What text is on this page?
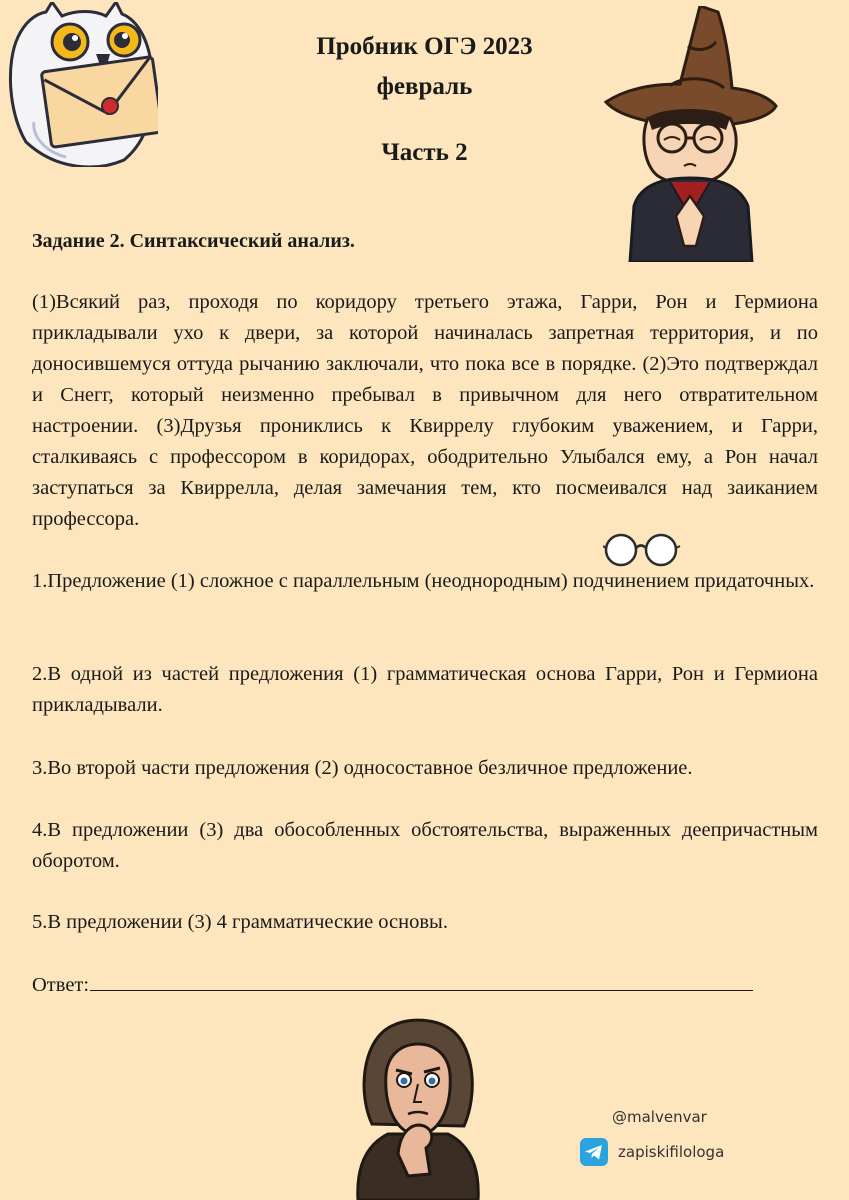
Пробник ОГЭ 2023
февраль
Часть 2
Задание 2. Синтаксический анализ.
(1)Всякий раз, проходя по коридору третьего этажа, Гарри, Рон и Гермиона прикладывали ухо к двери, за которой начиналась запретная территория, и по доносившемуся оттуда рычанию заключали, что пока все в порядке. (2)Это подтверждал и Снегг, который неизменно пребывал в привычном для него отвратительном настроении. (3)Друзья прониклись к Квиррелу глубоким уважением, и Гарри, сталкиваясь с профессором в коридорах, ободрительно Улыбался ему, а Рон начал заступаться за Квиррелла, делая замечания тем, кто посмеивался над заиканием профессора.
1.Предложение (1) сложное с параллельным (неоднородным) подчинением придаточных.
2.В одной из частей предложения (1) грамматическая основа Гарри, Рон и Гермиона прикладывали.
3.Во второй части предложения (2) односоставное безличное предложение.
4.В предложении (3) два обособленных обстоятельства, выраженных деепричастным оборотом.
5.В предложении (3) 4 грамматические основы.
Ответ:
@malvenvar
zapiskifilologa
